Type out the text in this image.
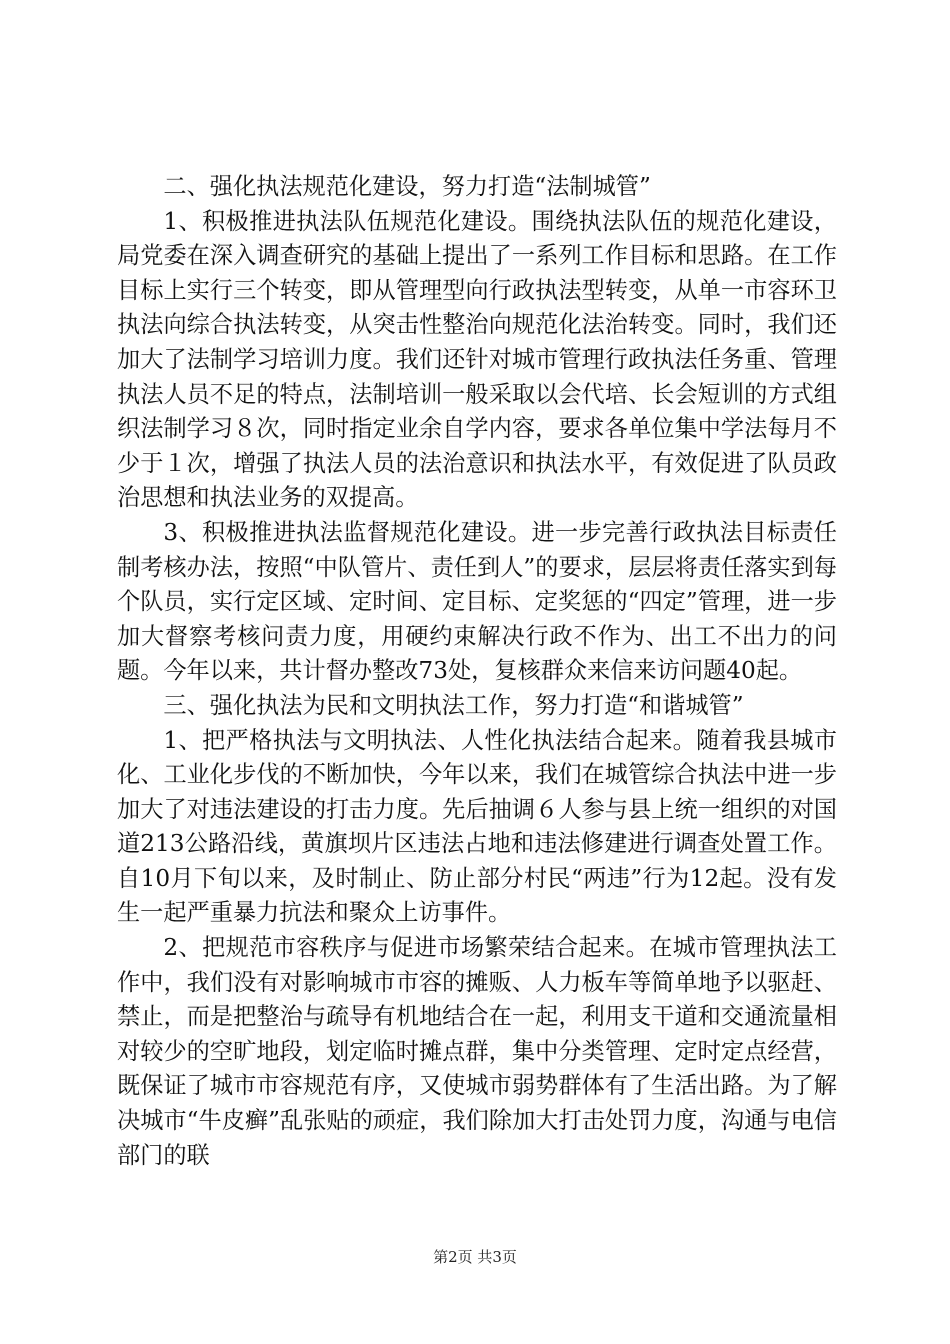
二、强化执法规范化建设，努力打造“法制城管”

1、积极推进执法队伍规范化建设。围绕执法队伍的规范化建设，局党委在深入调查研究的基础上提出了一系列工作目标和思路。在工作目标上实行三个转变，即从管理型向行政执法型转变，从单一市容环卫执法向综合执法转变，从突击性整治向规范化法治转变。同时，我们还加大了法制学习培训力度。我们还针对城市管理行政执法任务重、管理执法人员不足的特点，法制培训一般采取以会代培、长会短训的方式组织法制学习８次，同时指定业余自学内容，要求各单位集中学法每月不少于１次，增强了执法人员的法治意识和执法水平，有效促进了队员政治思想和执法业务的双提高。

3、积极推进执法监督规范化建设。进一步完善行政执法目标责任制考核办法，按照“中队管片、责任到人”的要求，层层将责任落实到每个队员，实行定区域、定时间、定目标、定奖惩的“四定”管理，进一步加大督察考核问责力度，用硬约束解决行政不作为、出工不出力的问题。今年以来，共计督办整改73处，复核群众来信来访问题40起。

三、强化执法为民和文明执法工作，努力打造“和谐城管”

1、把严格执法与文明执法、人性化执法结合起来。随着我县城市化、工业化步伐的不断加快，今年以来，我们在城管综合执法中进一步加大了对违法建设的打击力度。先后抽调６人参与县上统一组织的对国道213公路沿线，黄旗坝片区违法占地和违法修建进行调查处置工作。自10月下旬以来，及时制止、防止部分村民“两违”行为12起。没有发生一起严重暴力抗法和聚众上访事件。

2、把规范市容秩序与促进市场繁荣结合起来。在城市管理执法工作中，我们没有对影响城市市容的摊贩、人力板车等简单地予以驱赶、禁止，而是把整治与疏导有机地结合在一起，利用支干道和交通流量相对较少的空旷地段，划定临时摊点群，集中分类管理、定时定点经营，既保证了城市市容规范有序，又使城市弱势群体有了生活出路。为了解决城市“牛皮癣”乱张贴的顽症，我们除加大打击处罚力度，沟通与电信部门的联

第2页 共3页
